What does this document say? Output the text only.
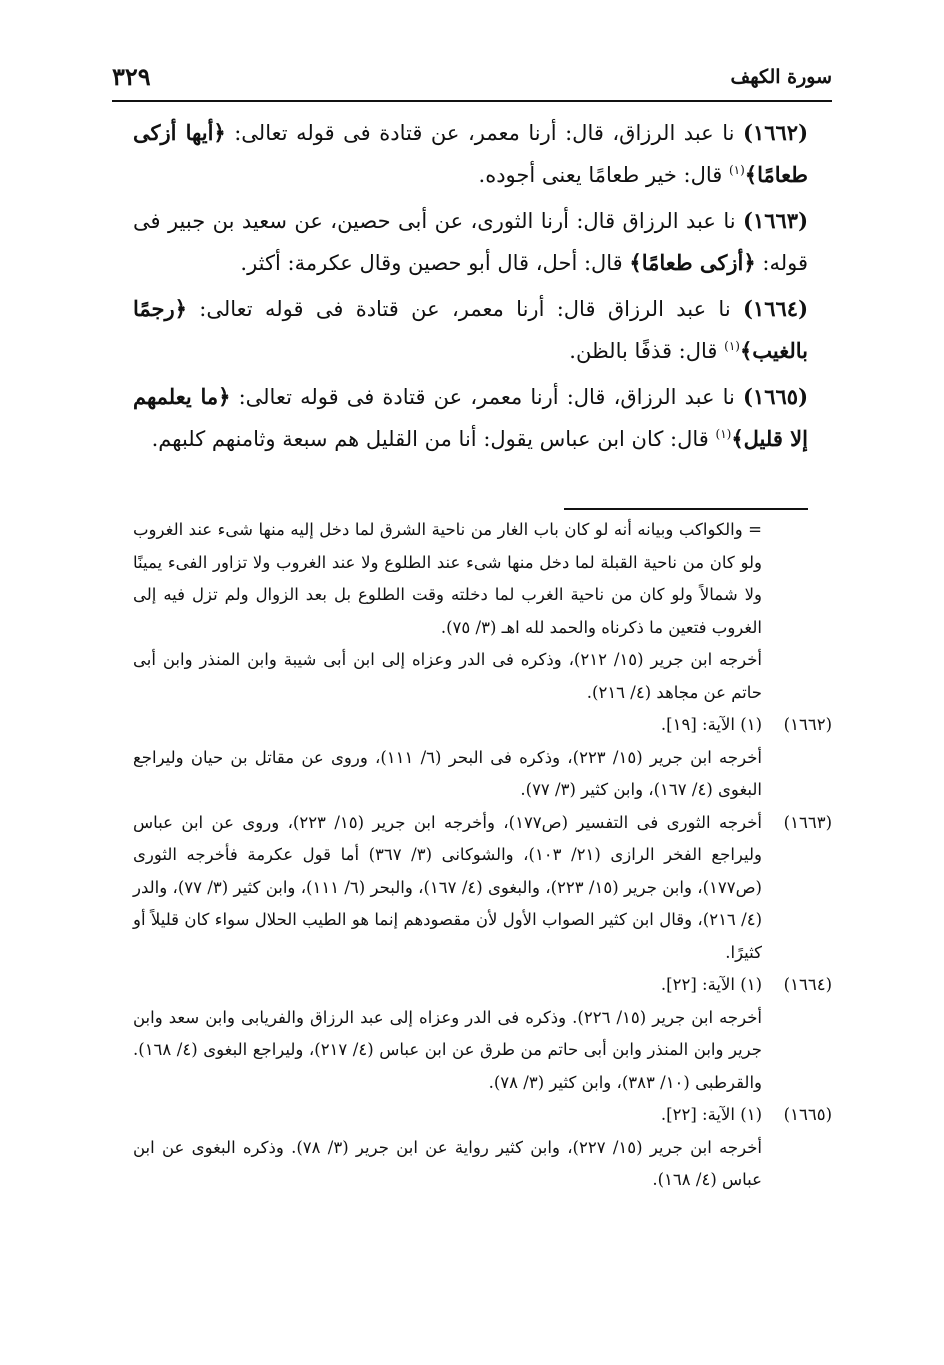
سورة الكهف
٣٢٩

(١٦٦٢) نا عبد الرزاق، قال: أرنا معمر، عن قتادة فى قوله تعالى: ﴿أيها أزكى طعامًا﴾$^{(١)}$ قال: خير طعامًا يعنى أجوده.

(١٦٦٣) نا عبد الرزاق قال: أرنا الثورى، عن أبى حصين، عن سعيد بن جبير فى قوله: ﴿أزكى طعامًا﴾ قال: أحل، قال أبو حصين وقال عكرمة: أكثر.

(١٦٦٤) نا عبد الرزاق قال: أرنا معمر، عن قتادة فى قوله تعالى: ﴿رجمًا بالغيب﴾$^{(١)}$ قال: قذفًا بالظن.

(١٦٦٥) نا عبد الرزاق، قال: أرنا معمر، عن قتادة فى قوله تعالى: ﴿ما يعلمهم إلا قليل﴾$^{(١)}$ قال: كان ابن عباس يقول: أنا من القليل هم سبعة وثامنهم كلبهم.

= والكواكب وبيانه أنه لو كان باب الغار من ناحية الشرق لما دخل إليه منها شىء عند الغروب ولو كان من ناحية القبلة لما دخل منها شىء عند الطلوع ولا عند الغروب ولا تزاور الفىء يمينًا ولا شمالاً ولو كان من ناحية الغرب لما دخلته وقت الطلوع بل بعد الزوال ولم تزل فيه إلى الغروب فتعين ما ذكرناه والحمد لله اهـ (٣/ ٧٥).
أخرجه ابن جرير (١٥/ ٢١٢)، وذكره فى الدر وعزاه إلى ابن أبى شيبة وابن المنذر وابن أبى حاتم عن مجاهد (٤/ ٢١٦).
(١٦٦٢)
(١) الآية: [١٩].
أخرجه ابن جرير (١٥/ ٢٢٣)، وذكره فى البحر (٦/ ١١١)، وروى عن مقاتل بن حيان وليراجع البغوى (٤/ ١٦٧)، وابن كثير (٣/ ٧٧).
(١٦٦٣)
أخرجه الثورى فى التفسير (ص١٧٧)، وأخرجه ابن جرير (١٥/ ٢٢٣)، وروى عن ابن عباس وليراجع الفخر الرازى (٢١/ ١٠٣)، والشوكانى (٣/ ٣٦٧) أما قول عكرمة فأخرجه الثورى (ص١٧٧)، وابن جرير (١٥/ ٢٢٣)، والبغوى (٤/ ١٦٧)، والبحر (٦/ ١١١)، وابن كثير (٣/ ٧٧)، والدر (٤/ ٢١٦)، وقال ابن كثير الصواب الأول لأن مقصودهم إنما هو الطيب الحلال سواء كان قليلاً أو كثيرًا.
(١٦٦٤)
(١) الآية: [٢٢].
أخرجه ابن جرير (١٥/ ٢٢٦). وذكره فى الدر وعزاه إلى عبد الرزاق والفريابى وابن سعد وابن جرير وابن المنذر وابن أبى حاتم من طرق عن ابن عباس (٤/ ٢١٧)، وليراجع البغوى (٤/ ١٦٨). والقرطبى (١٠/ ٣٨٣)، وابن كثير (٣/ ٧٨).
(١٦٦٥)
(١) الآية: [٢٢].
أخرجه ابن جرير (١٥/ ٢٢٧)، وابن كثير رواية عن ابن جرير (٣/ ٧٨). وذكره البغوى عن ابن عباس (٤/ ١٦٨).
